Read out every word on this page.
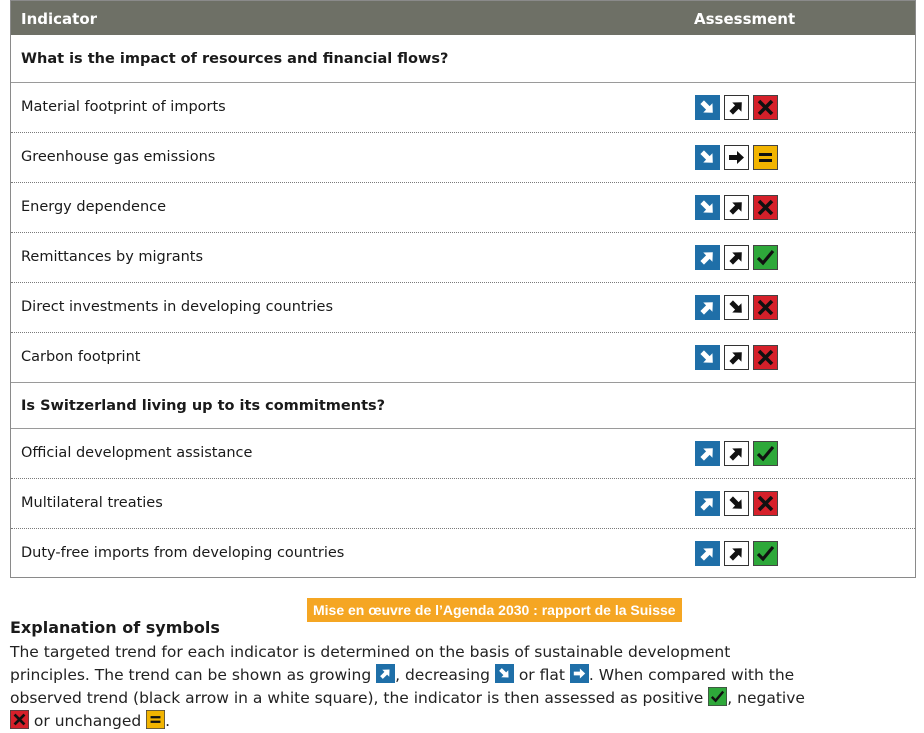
Indicator	Assessment
What is the impact of resources and financial flows?
Material footprint of imports
Greenhouse gas emissions
Energy dependence
Remittances by migrants
Direct investments in developing countries
Carbon footprint
Is Switzerland living up to its commitments?
Official development assistance
Multilateral treaties
Duty-free imports from developing countries
Mise en œuvre de l’Agenda 2030 : rapport de la Suisse
Explanation of symbols
The targeted trend for each indicator is determined on the basis of sustainable development principles. The trend can be shown as growing , decreasing  or flat . When compared with the observed trend (black arrow in a white square), the indicator is then assessed as positive , negative  or unchanged .
